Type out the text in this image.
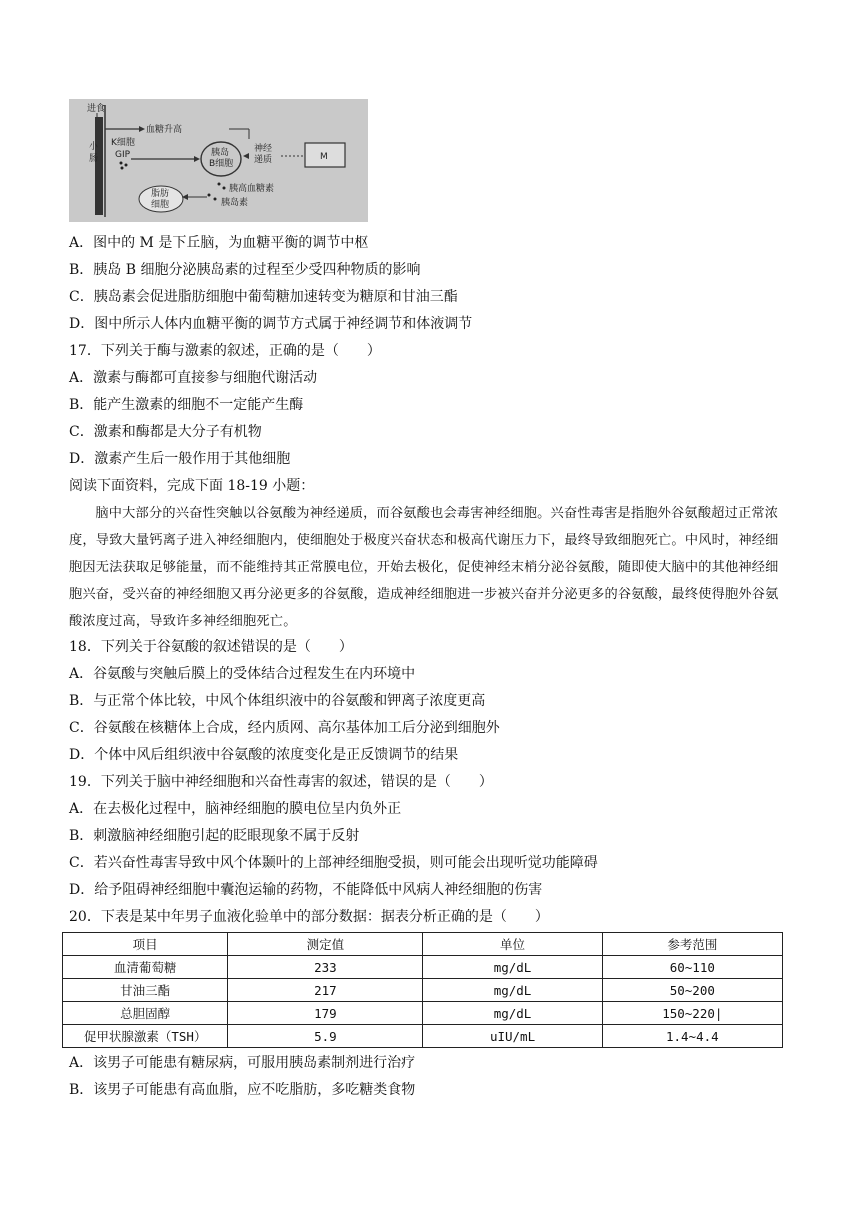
进食
小肠
K细胞
GIP
血糖升高
胰岛 B细胞
神经递质	M
胰高血糖素
胰岛素
脂肪细胞
A．图中的 M 是下丘脑，为血糖平衡的调节中枢
B．胰岛 B 细胞分泌胰岛素的过程至少受四种物质的影响
C．胰岛素会促进脂肪细胞中葡萄糖加速转变为糖原和甘油三酯
D．图中所示人体内血糖平衡的调节方式属于神经调节和体液调节
17．下列关于酶与激素的叙述，正确的是（　　）
A．激素与酶都可直接参与细胞代谢活动
B．能产生激素的细胞不一定能产生酶
C．激素和酶都是大分子有机物
D．激素产生后一般作用于其他细胞
阅读下面资料，完成下面 18-19 小题：
脑中大部分的兴奋性突触以谷氨酸为神经递质，而谷氨酸也会毒害神经细胞。兴奋性毒害是指胞外谷氨酸超过正常浓度，导致大量钙离子进入神经细胞内，使细胞处于极度兴奋状态和极高代谢压力下，最终导致细胞死亡。中风时，神经细胞因无法获取足够能量，而不能维持其正常膜电位，开始去极化，促使神经末梢分泌谷氨酸，随即使大脑中的其他神经细胞兴奋，受兴奋的神经细胞又再分泌更多的谷氨酸，造成神经细胞进一步被兴奋并分泌更多的谷氨酸，最终使得胞外谷氨酸浓度过高，导致许多神经细胞死亡。
18．下列关于谷氨酸的叙述错误的是（　　）
A．谷氨酸与突触后膜上的受体结合过程发生在内环境中
B．与正常个体比较，中风个体组织液中的谷氨酸和钾离子浓度更高
C．谷氨酸在核糖体上合成，经内质网、高尔基体加工后分泌到细胞外
D．个体中风后组织液中谷氨酸的浓度变化是正反馈调节的结果
19．下列关于脑中神经细胞和兴奋性毒害的叙述，错误的是（　　）
A．在去极化过程中，脑神经细胞的膜电位呈内负外正
B．刺激脑神经细胞引起的眨眼现象不属于反射
C．若兴奋性毒害导致中风个体颞叶的上部神经细胞受损，则可能会出现听觉功能障碍
D．给予阻碍神经细胞中囊泡运输的药物，不能降低中风病人神经细胞的伤害
20．下表是某中年男子血液化验单中的部分数据：据表分析正确的是（　　）
项目	测定值	单位	参考范围
血清葡萄糖	233	mg/dL	60~110
甘油三酯	217	mg/dL	50~200
总胆固醇	179	mg/dL	150~220|
促甲状腺激素（TSH）	5.9	uIU/mL	1.4~4.4
A．该男子可能患有糖尿病，可服用胰岛素制剂进行治疗
B．该男子可能患有高血脂，应不吃脂肪，多吃糖类食物
